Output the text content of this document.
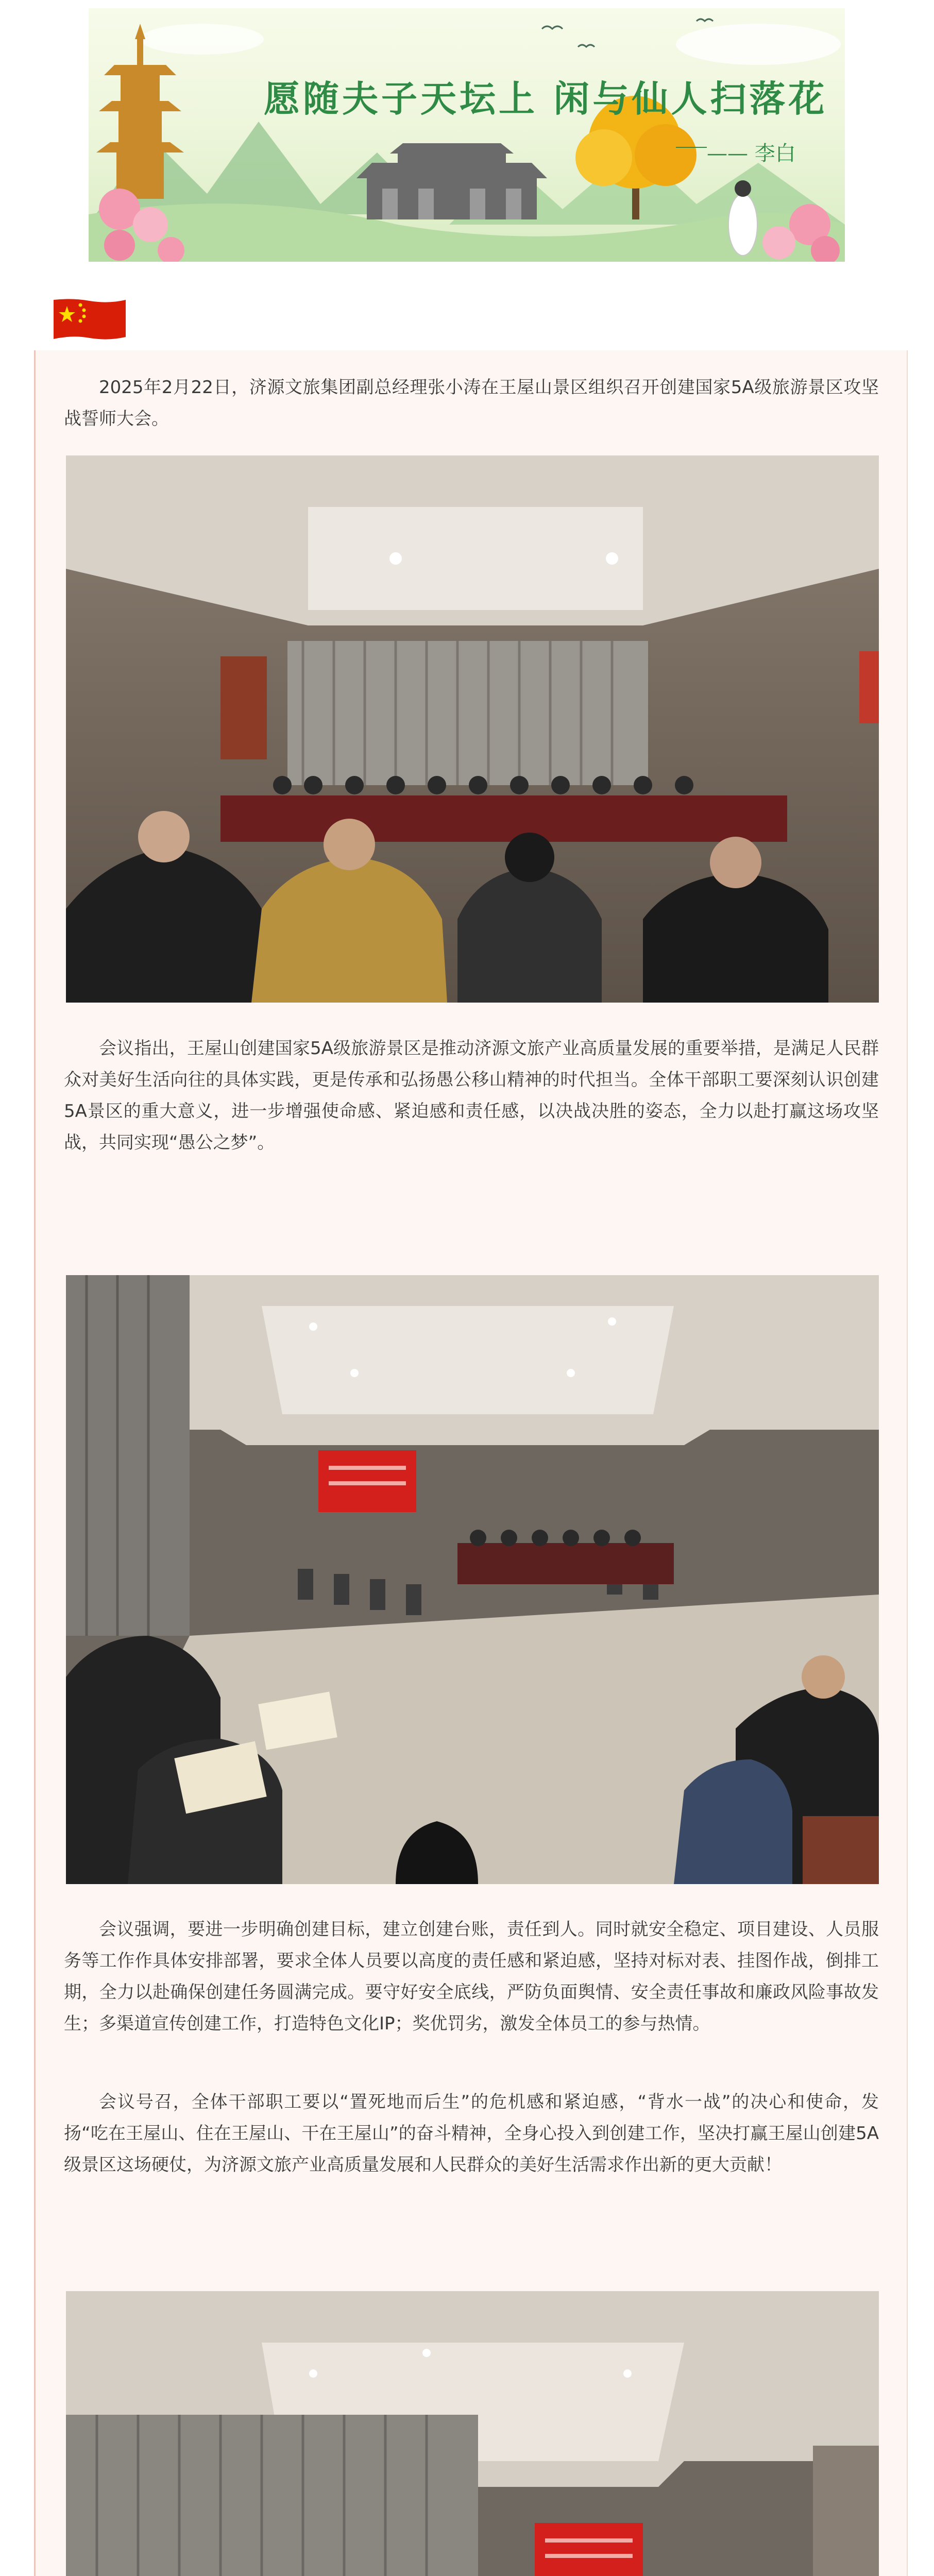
愿随夫子天坛上 闲与仙人扫落花
—— 李白
2025年2月22日，济源文旅集团副总经理张小涛在王屋山景区组织召开创建国家5A级旅游景区攻坚战誓师大会。
会议指出，王屋山创建国家5A级旅游景区是推动济源文旅产业高质量发展的重要举措，是满足人民群众对美好生活向往的具体实践，更是传承和弘扬愚公移山精神的时代担当。全体干部职工要深刻认识创建5A景区的重大意义，进一步增强使命感、紧迫感和责任感，以决战决胜的姿态，全力以赴打赢这场攻坚战，共同实现“愚公之梦”。
会议强调，要进一步明确创建目标，建立创建台账，责任到人。同时就安全稳定、项目建设、人员服务等工作作具体安排部署，要求全体人员要以高度的责任感和紧迫感，坚持对标对表、挂图作战，倒排工期，全力以赴确保创建任务圆满完成。要守好安全底线，严防负面舆情、安全责任事故和廉政风险事故发生；多渠道宣传创建工作，打造特色文化IP；奖优罚劣，激发全体员工的参与热情。
会议号召，全体干部职工要以“置死地而后生”的危机感和紧迫感，“背水一战”的决心和使命，发扬“吃在王屋山、住在王屋山、干在王屋山”的奋斗精神，全身心投入到创建工作，坚决打赢王屋山创建5A级景区这场硬仗，为济源文旅产业高质量发展和人民群众的美好生活需求作出新的更大贡献！
